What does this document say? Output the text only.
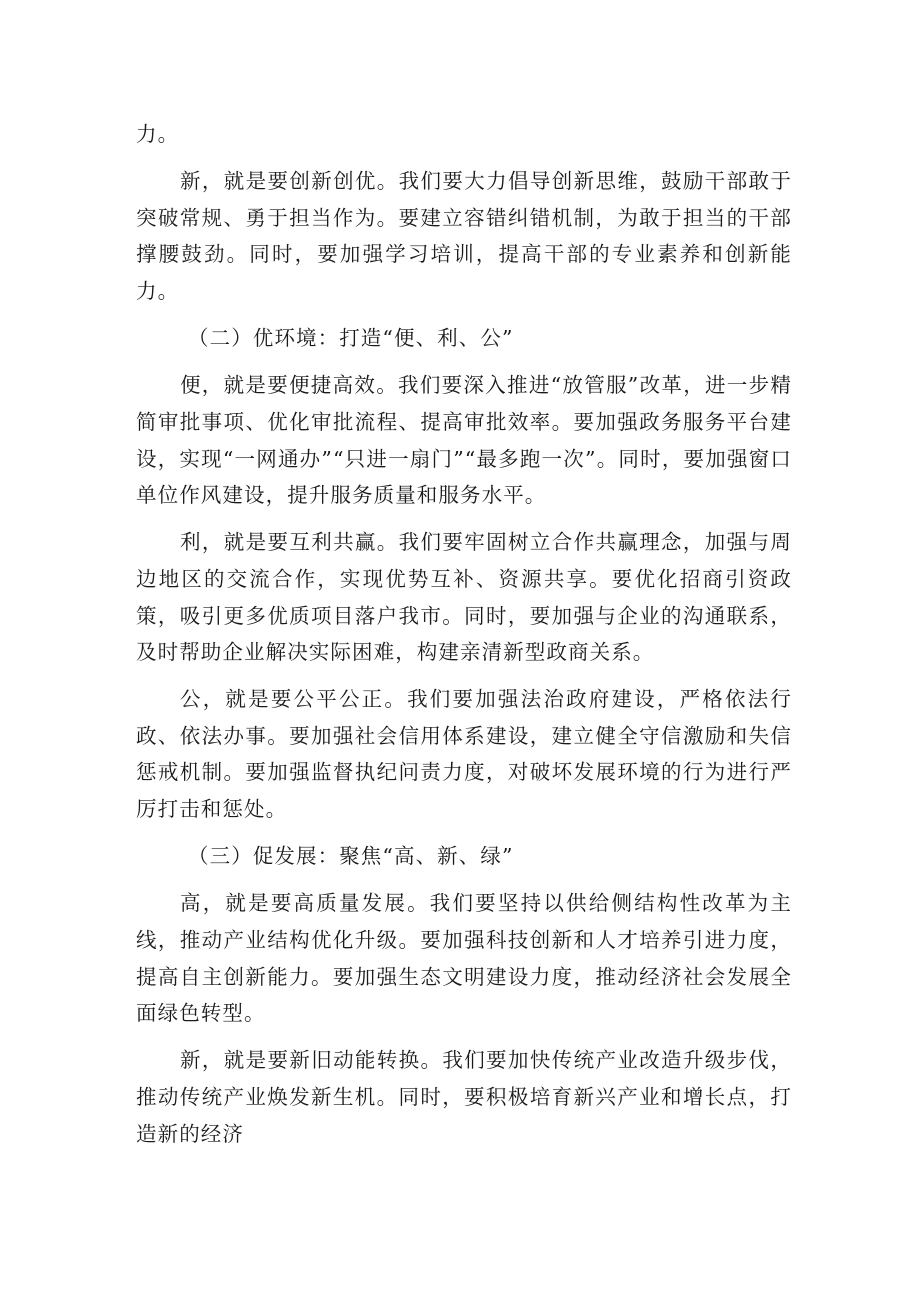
力。

新，就是要创新创优。我们要大力倡导创新思维，鼓励干部敢于突破常规、勇于担当作为。要建立容错纠错机制，为敢于担当的干部撑腰鼓劲。同时，要加强学习培训，提高干部的专业素养和创新能力。

（二）优环境：打造“便、利、公”

便，就是要便捷高效。我们要深入推进“放管服”改革，进一步精简审批事项、优化审批流程、提高审批效率。要加强政务服务平台建设，实现“一网通办”“只进一扇门”“最多跑一次”。同时，要加强窗口单位作风建设，提升服务质量和服务水平。

利，就是要互利共赢。我们要牢固树立合作共赢理念，加强与周边地区的交流合作，实现优势互补、资源共享。要优化招商引资政策，吸引更多优质项目落户我市。同时，要加强与企业的沟通联系，及时帮助企业解决实际困难，构建亲清新型政商关系。

公，就是要公平公正。我们要加强法治政府建设，严格依法行政、依法办事。要加强社会信用体系建设，建立健全守信激励和失信惩戒机制。要加强监督执纪问责力度，对破坏发展环境的行为进行严厉打击和惩处。

（三）促发展：聚焦“高、新、绿”

高，就是要高质量发展。我们要坚持以供给侧结构性改革为主线，推动产业结构优化升级。要加强科技创新和人才培养引进力度，提高自主创新能力。要加强生态文明建设力度，推动经济社会发展全面绿色转型。

新，就是要新旧动能转换。我们要加快传统产业改造升级步伐，推动传统产业焕发新生机。同时，要积极培育新兴产业和增长点，打造新的经济
